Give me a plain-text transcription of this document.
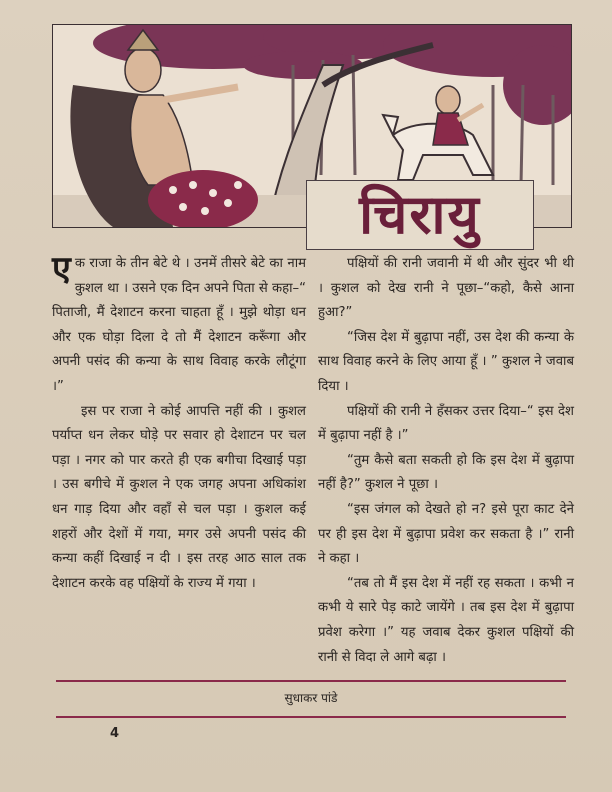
चिरायु

एक राजा के तीन बेटे थे । उनमें तीसरे बेटे का नाम कुशल था । उसने एक दिन अपने पिता से कहा–“ पिताजी, मैं देशाटन करना चाहता हूँ । मुझे थोड़ा धन और एक घोड़ा दिला दे तो मैं देशाटन करूँगा और अपनी पसंद की कन्या के साथ विवाह करके लौटूंगा ।”

इस पर राजा ने कोई आपत्ति नहीं की । कुशल पर्याप्त धन लेकर घोड़े पर सवार हो देशाटन पर चल पड़ा । नगर को पार करते ही एक बगीचा दिखाई पड़ा । उस बगीचे में कुशल ने एक जगह अपना अधिकांश धन गाड़ दिया और वहाँ से चल पड़ा । कुशल कई शहरों और देशों में गया, मगर उसे अपनी पसंद की कन्या कहीं दिखाई न दी । इस तरह आठ साल तक देशाटन करके वह पक्षियों के राज्य में गया ।

पक्षियों की रानी जवानी में थी और सुंदर भी थी । कुशल को देख रानी ने पूछा–“कहो, कैसे आना हुआ?”

“जिस देश में बुढ़ापा नहीं, उस देश की कन्या के साथ विवाह करने के लिए आया हूँ । ” कुशल ने जवाब दिया ।

पक्षियों की रानी ने हँसकर उत्तर दिया–“ इस देश में बुढ़ापा नहीं है ।”

“तुम कैसे बता सकती हो कि इस देश में बुढ़ापा नहीं है?” कुशल ने पूछा ।

“इस जंगल को देखते हो न? इसे पूरा काट देने पर ही इस देश में बुढ़ापा प्रवेश कर सकता है ।” रानी ने कहा ।

“तब तो मैं इस देश में नहीं रह सकता । कभी न कभी ये सारे पेड़ काटे जायेंगे । तब इस देश में बुढ़ापा प्रवेश करेगा ।” यह जवाब देकर कुशल पक्षियों की रानी से विदा ले आगे बढ़ा ।

सुधाकर पांडे
4
